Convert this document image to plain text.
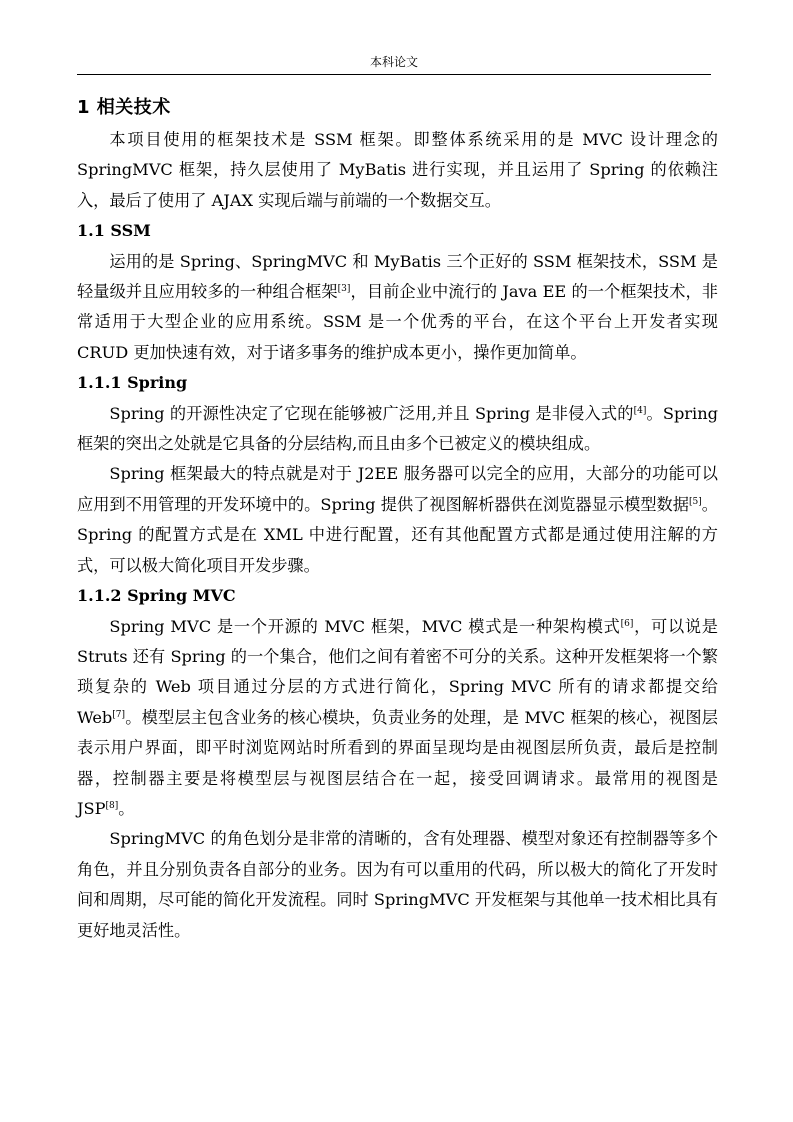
本科论文
1 相关技术

本项目使用的框架技术是 SSM 框架。即整体系统采用的是 MVC 设计理念的 SpringMVC 框架，持久层使用了 MyBatis 进行实现，并且运用了 Spring 的依赖注入，最后了使用了 AJAX 实现后端与前端的一个数据交互。

1.1 SSM

运用的是 Spring、SpringMVC 和 MyBatis 三个正好的 SSM 框架技术，SSM 是轻量级并且应用较多的一种组合框架[3]，目前企业中流行的 Java EE 的一个框架技术，非常适用于大型企业的应用系统。SSM 是一个优秀的平台，在这个平台上开发者实现 CRUD 更加快速有效，对于诸多事务的维护成本更小，操作更加简单。

1.1.1 Spring

Spring 的开源性决定了它现在能够被广泛用,并且 Spring 是非侵入式的[4]。Spring 框架的突出之处就是它具备的分层结构,而且由多个已被定义的模块组成。

Spring 框架最大的特点就是对于 J2EE 服务器可以完全的应用，大部分的功能可以应用到不用管理的开发环境中的。Spring 提供了视图解析器供在浏览器显示模型数据[5]。Spring 的配置方式是在 XML 中进行配置，还有其他配置方式都是通过使用注解的方式，可以极大简化项目开发步骤。

1.1.2 Spring MVC

Spring MVC 是一个开源的 MVC 框架，MVC 模式是一种架构模式[6]，可以说是 Struts 还有 Spring 的一个集合，他们之间有着密不可分的关系。这种开发框架将一个繁琐复杂的 Web 项目通过分层的方式进行简化，Spring MVC 所有的请求都提交给 Web[7]。模型层主包含业务的核心模块，负责业务的处理，是 MVC 框架的核心，视图层表示用户界面，即平时浏览网站时所看到的界面呈现均是由视图层所负责，最后是控制器，控制器主要是将模型层与视图层结合在一起，接受回调请求。最常用的视图是 JSP[8]。

SpringMVC 的角色划分是非常的清晰的，含有处理器、模型对象还有控制器等多个角色，并且分别负责各自部分的业务。因为有可以重用的代码，所以极大的简化了开发时间和周期，尽可能的简化开发流程。同时 SpringMVC 开发框架与其他单一技术相比具有更好地灵活性。
